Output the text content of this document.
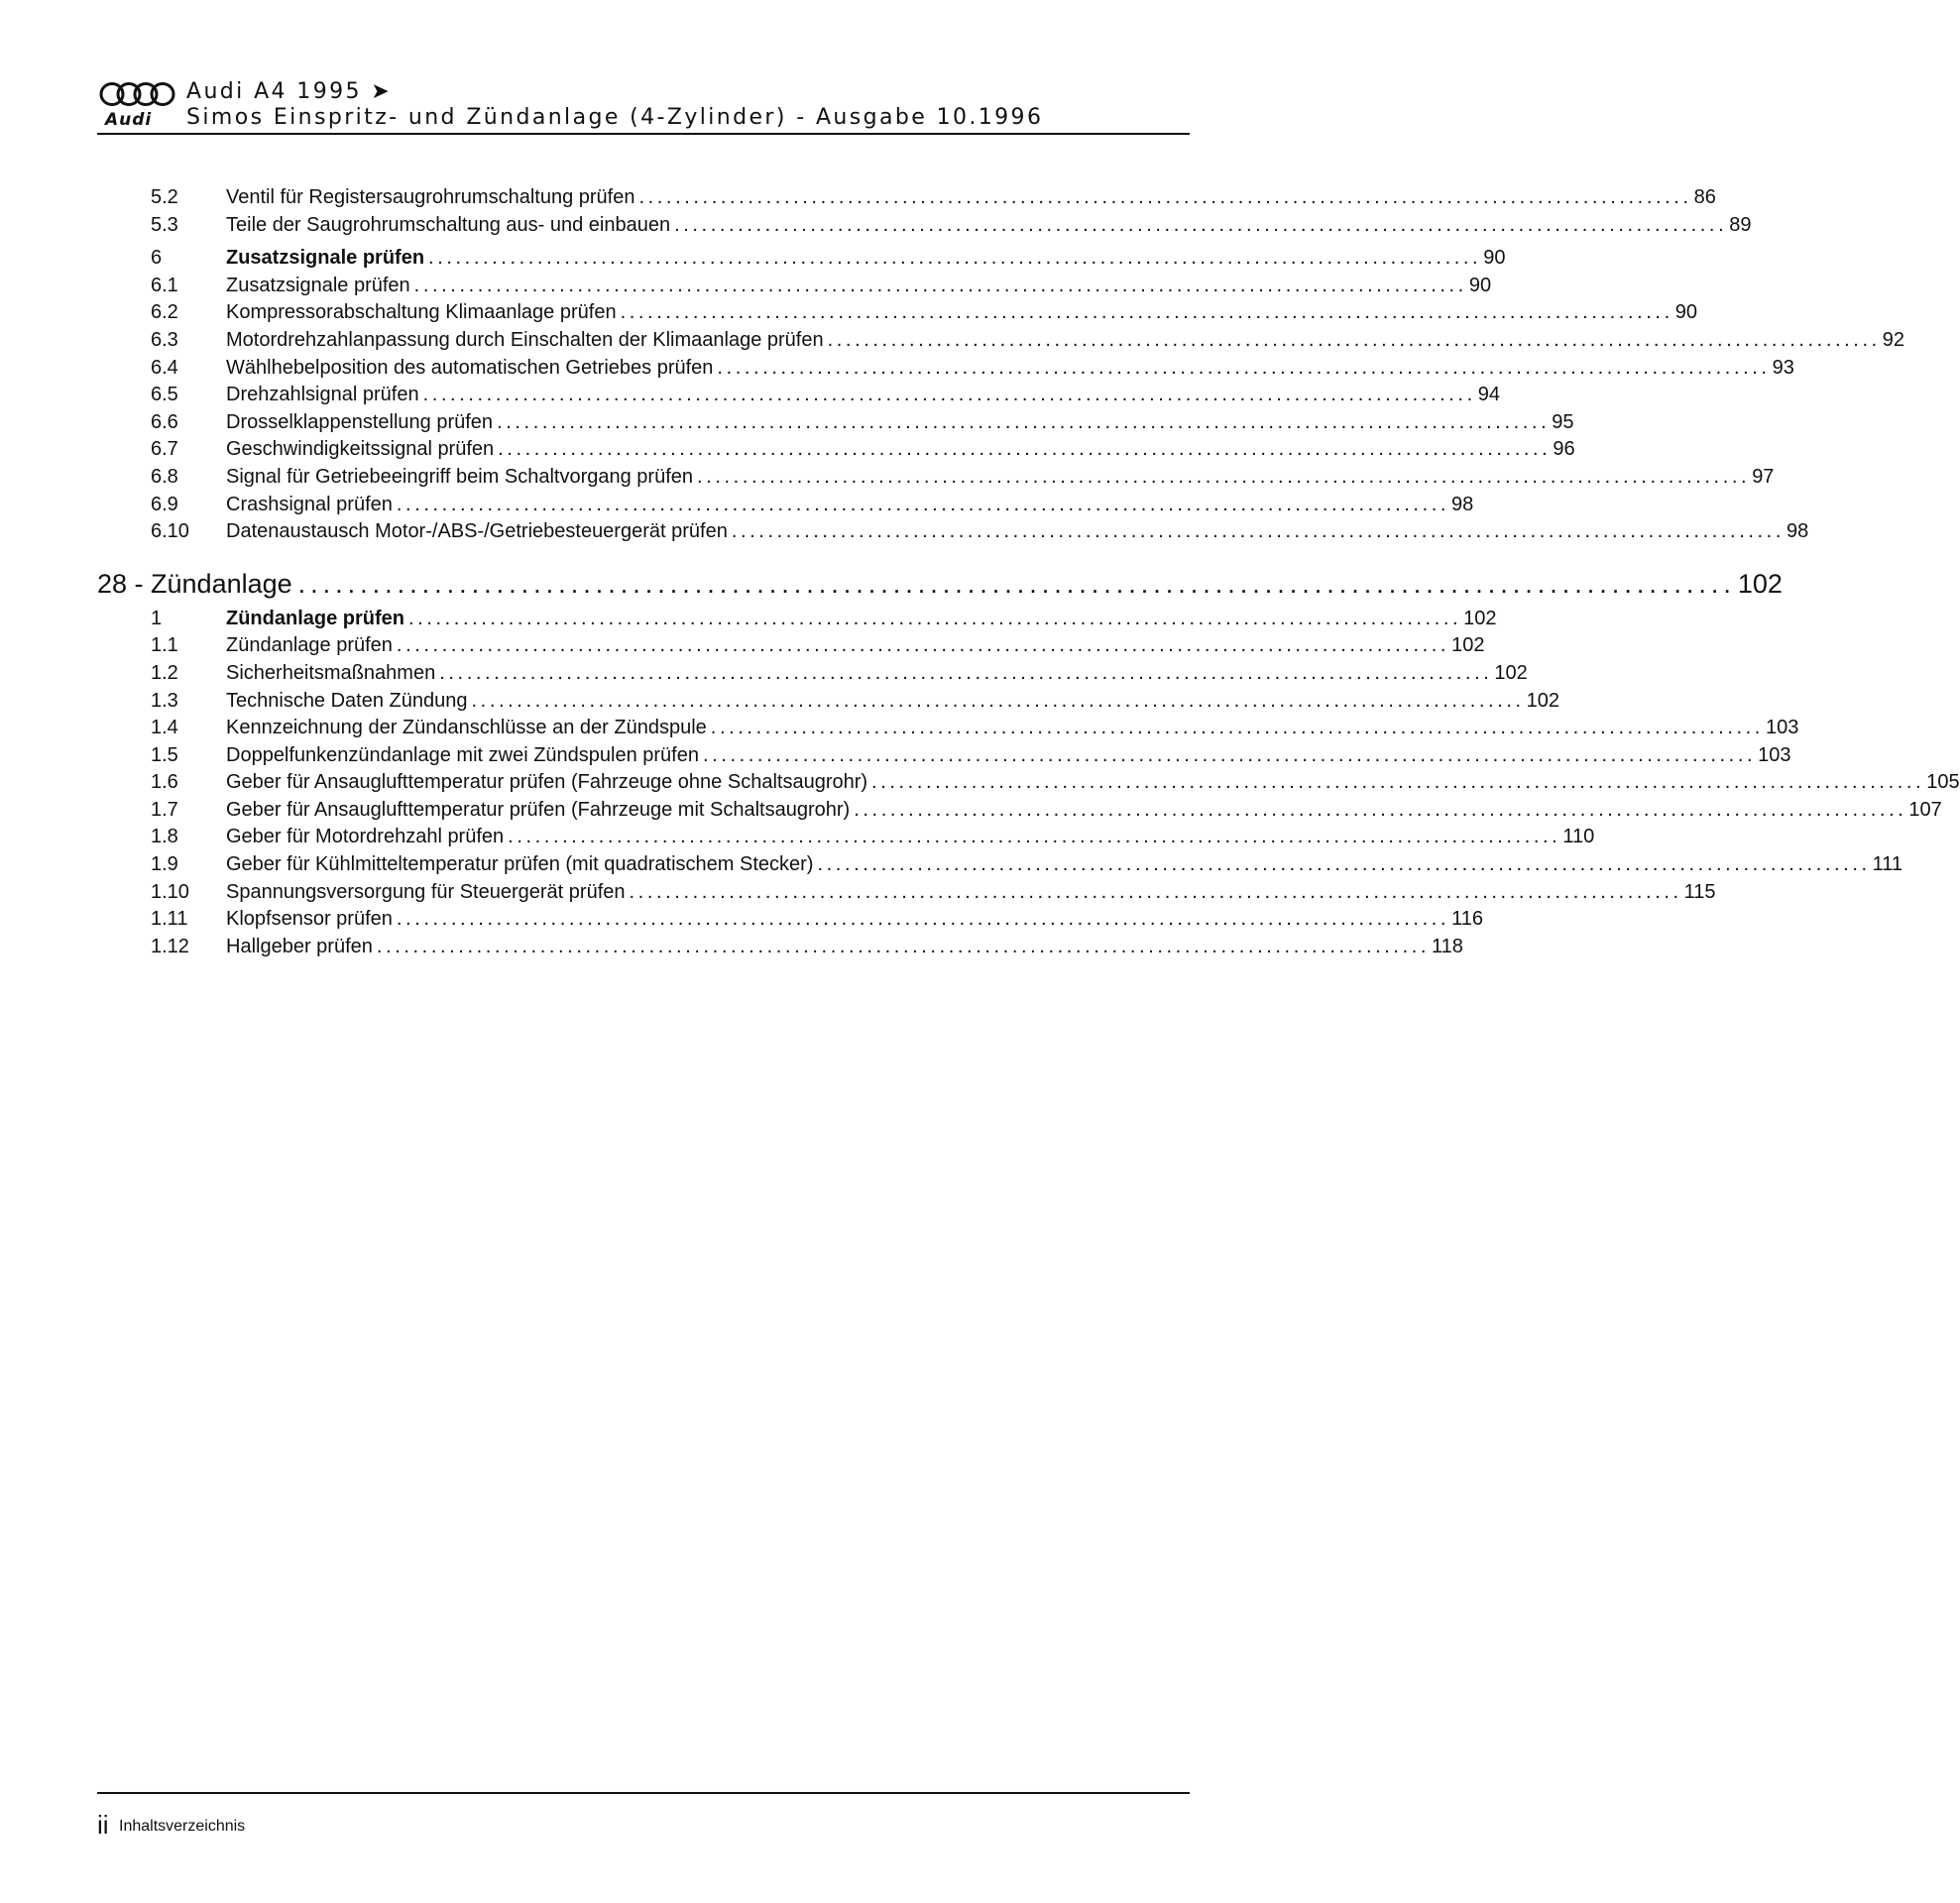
Audi
Audi A4 1995 ➤
Simos Einspritz- und Zündanlage (4-Zylinder) - Ausgabe 10.1996
5.2	Ventil für Registersaugrohrumschaltung prüfen .................................................................................................................... 86
5.3	Teile der Saugrohrumschaltung aus- und einbauen .................................................................................................................... 89
6	Zusatzsignale prüfen .................................................................................................................... 90
6.1	Zusatzsignale prüfen .................................................................................................................... 90
6.2	Kompressorabschaltung Klimaanlage prüfen .................................................................................................................... 90
6.3	Motordrehzahlanpassung durch Einschalten der Klimaanlage prüfen .................................................................................................................... 92
6.4	Wählhebelposition des automatischen Getriebes prüfen .................................................................................................................... 93
6.5	Drehzahlsignal prüfen .................................................................................................................... 94
6.6	Drosselklappenstellung prüfen .................................................................................................................... 95
6.7	Geschwindigkeitssignal prüfen .................................................................................................................... 96
6.8	Signal für Getriebeeingriff beim Schaltvorgang prüfen .................................................................................................................... 97
6.9	Crashsignal prüfen .................................................................................................................... 98
6.10	Datenaustausch Motor-/ABS-/Getriebesteuergerät prüfen .................................................................................................................... 98
28 - Zündanlage .................................................................................................................... 102
1	Zündanlage prüfen .................................................................................................................... 102
1.1	Zündanlage prüfen .................................................................................................................... 102
1.2	Sicherheitsmaßnahmen .................................................................................................................... 102
1.3	Technische Daten Zündung .................................................................................................................... 102
1.4	Kennzeichnung der Zündanschlüsse an der Zündspule .................................................................................................................... 103
1.5	Doppelfunkenzündanlage mit zwei Zündspulen prüfen .................................................................................................................... 103
1.6	Geber für Ansauglufttemperatur prüfen (Fahrzeuge ohne Schaltsaugrohr) .................................................................................................................... 105
1.7	Geber für Ansauglufttemperatur prüfen (Fahrzeuge mit Schaltsaugrohr) .................................................................................................................... 107
1.8	Geber für Motordrehzahl prüfen .................................................................................................................... 110
1.9	Geber für Kühlmitteltemperatur prüfen (mit quadratischem Stecker) .................................................................................................................... 111
1.10	Spannungsversorgung für Steuergerät prüfen .................................................................................................................... 115
1.11	Klopfsensor prüfen .................................................................................................................... 116
1.12	Hallgeber prüfen .................................................................................................................... 118
ii Inhaltsverzeichnis
